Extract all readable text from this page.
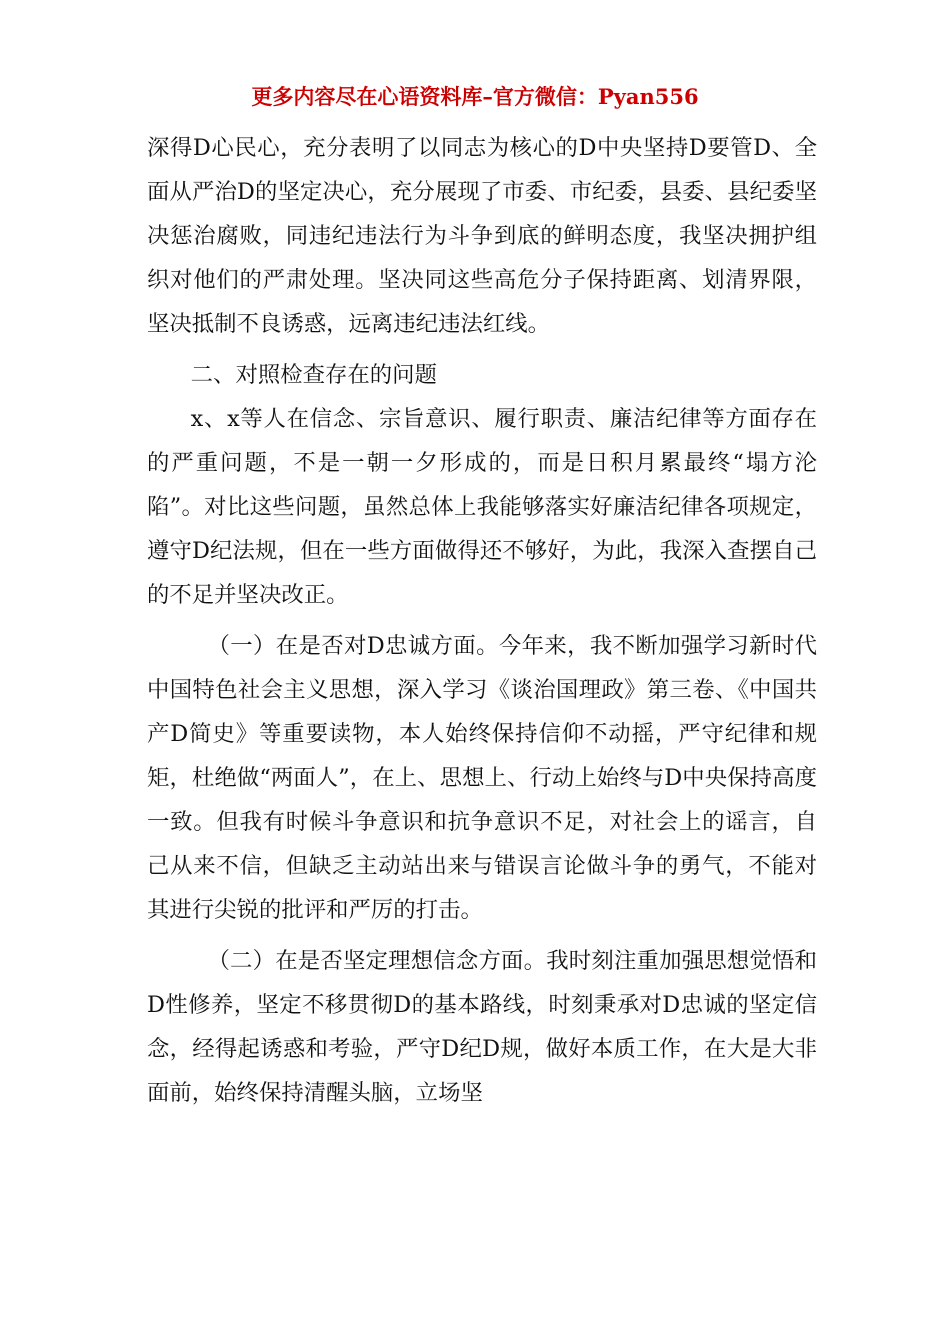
更多内容尽在心语资料库–官方微信：Pyan556

深得D心民心，充分表明了以同志为核心的D中央坚持D要管D、全面从严治D的坚定决心，充分展现了市委、市纪委，县委、县纪委坚决惩治腐败，同违纪违法行为斗争到底的鲜明态度，我坚决拥护组织对他们的严肃处理。坚决同这些高危分子保持距离、划清界限，坚决抵制不良诱惑，远离违纪违法红线。

二、对照检查存在的问题

x、x等人在信念、宗旨意识、履行职责、廉洁纪律等方面存在的严重问题，不是一朝一夕形成的，而是日积月累最终“塌方沦陷”。对比这些问题，虽然总体上我能够落实好廉洁纪律各项规定，遵守D纪法规，但在一些方面做得还不够好，为此，我深入查摆自己的不足并坚决改正。

（一）在是否对D忠诚方面。今年来，我不断加强学习新时代中国特色社会主义思想，深入学习《谈治国理政》第三卷、《中国共产D简史》等重要读物，本人始终保持信仰不动摇，严守纪律和规矩，杜绝做“两面人”，在上、思想上、行动上始终与D中央保持高度一致。但我有时候斗争意识和抗争意识不足，对社会上的谣言，自己从来不信，但缺乏主动站出来与错误言论做斗争的勇气，不能对其进行尖锐的批评和严厉的打击。

（二）在是否坚定理想信念方面。我时刻注重加强思想觉悟和D性修养，坚定不移贯彻D的基本路线，时刻秉承对D忠诚的坚定信念，经得起诱惑和考验，严守D纪D规，做好本质工作，在大是大非面前，始终保持清醒头脑，立场坚
